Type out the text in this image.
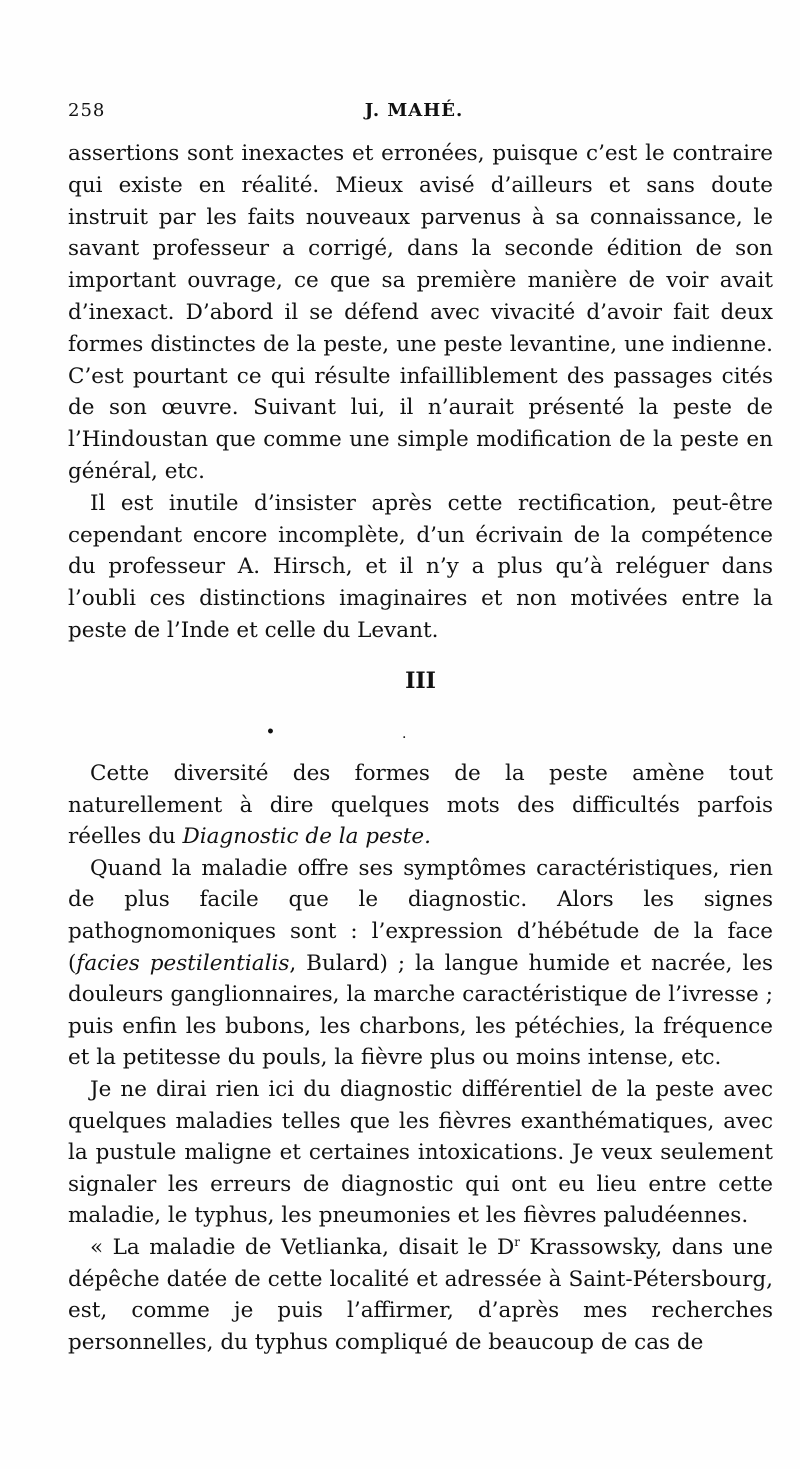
258	J. MAHÉ.

assertions sont inexactes et erronées, puisque c’est le contraire qui existe en réalité. Mieux avisé d’ailleurs et sans doute instruit par les faits nouveaux parvenus à sa connaissance, le savant professeur a corrigé, dans la seconde édition de son important ouvrage, ce que sa première manière de voir avait d’inexact. D’abord il se défend avec vivacité d’avoir fait deux formes distinctes de la peste, une peste levantine, une indienne. C’est pourtant ce qui résulte infailliblement des passages cités de son œuvre. Suivant lui, il n’aurait présenté la peste de l’Hindoustan que comme une simple modification de la peste en général, etc.

Il est inutile d’insister après cette rectification, peut-être cependant encore incomplète, d’un écrivain de la compétence du professeur A. Hirsch, et il n’y a plus qu’à reléguer dans l’oubli ces distinctions imaginaires et non motivées entre la peste de l’Inde et celle du Levant.

III
•	·

Cette diversité des formes de la peste amène tout naturellement à dire quelques mots des difficultés parfois réelles du Diagnostic de la peste.

Quand la maladie offre ses symptômes caractéristiques, rien de plus facile que le diagnostic. Alors les signes pathognomoniques sont : l’expression d’hébétude de la face (facies pestilentialis, Bulard) ; la langue humide et nacrée, les douleurs ganglionnaires, la marche caractéristique de l’ivresse ; puis enfin les bubons, les charbons, les pétéchies, la fréquence et la petitesse du pouls, la fièvre plus ou moins intense, etc.

Je ne dirai rien ici du diagnostic différentiel de la peste avec quelques maladies telles que les fièvres exanthématiques, avec la pustule maligne et certaines intoxications. Je veux seulement signaler les erreurs de diagnostic qui ont eu lieu entre cette maladie, le typhus, les pneumonies et les fièvres paludéennes.

« La maladie de Vetlianka, disait le $D^r$ Krassowsky, dans une dépêche datée de cette localité et adressée à Saint-Pétersbourg, est, comme je puis l’affirmer, d’après mes recherches personnelles, du typhus compliqué de beaucoup de cas de
